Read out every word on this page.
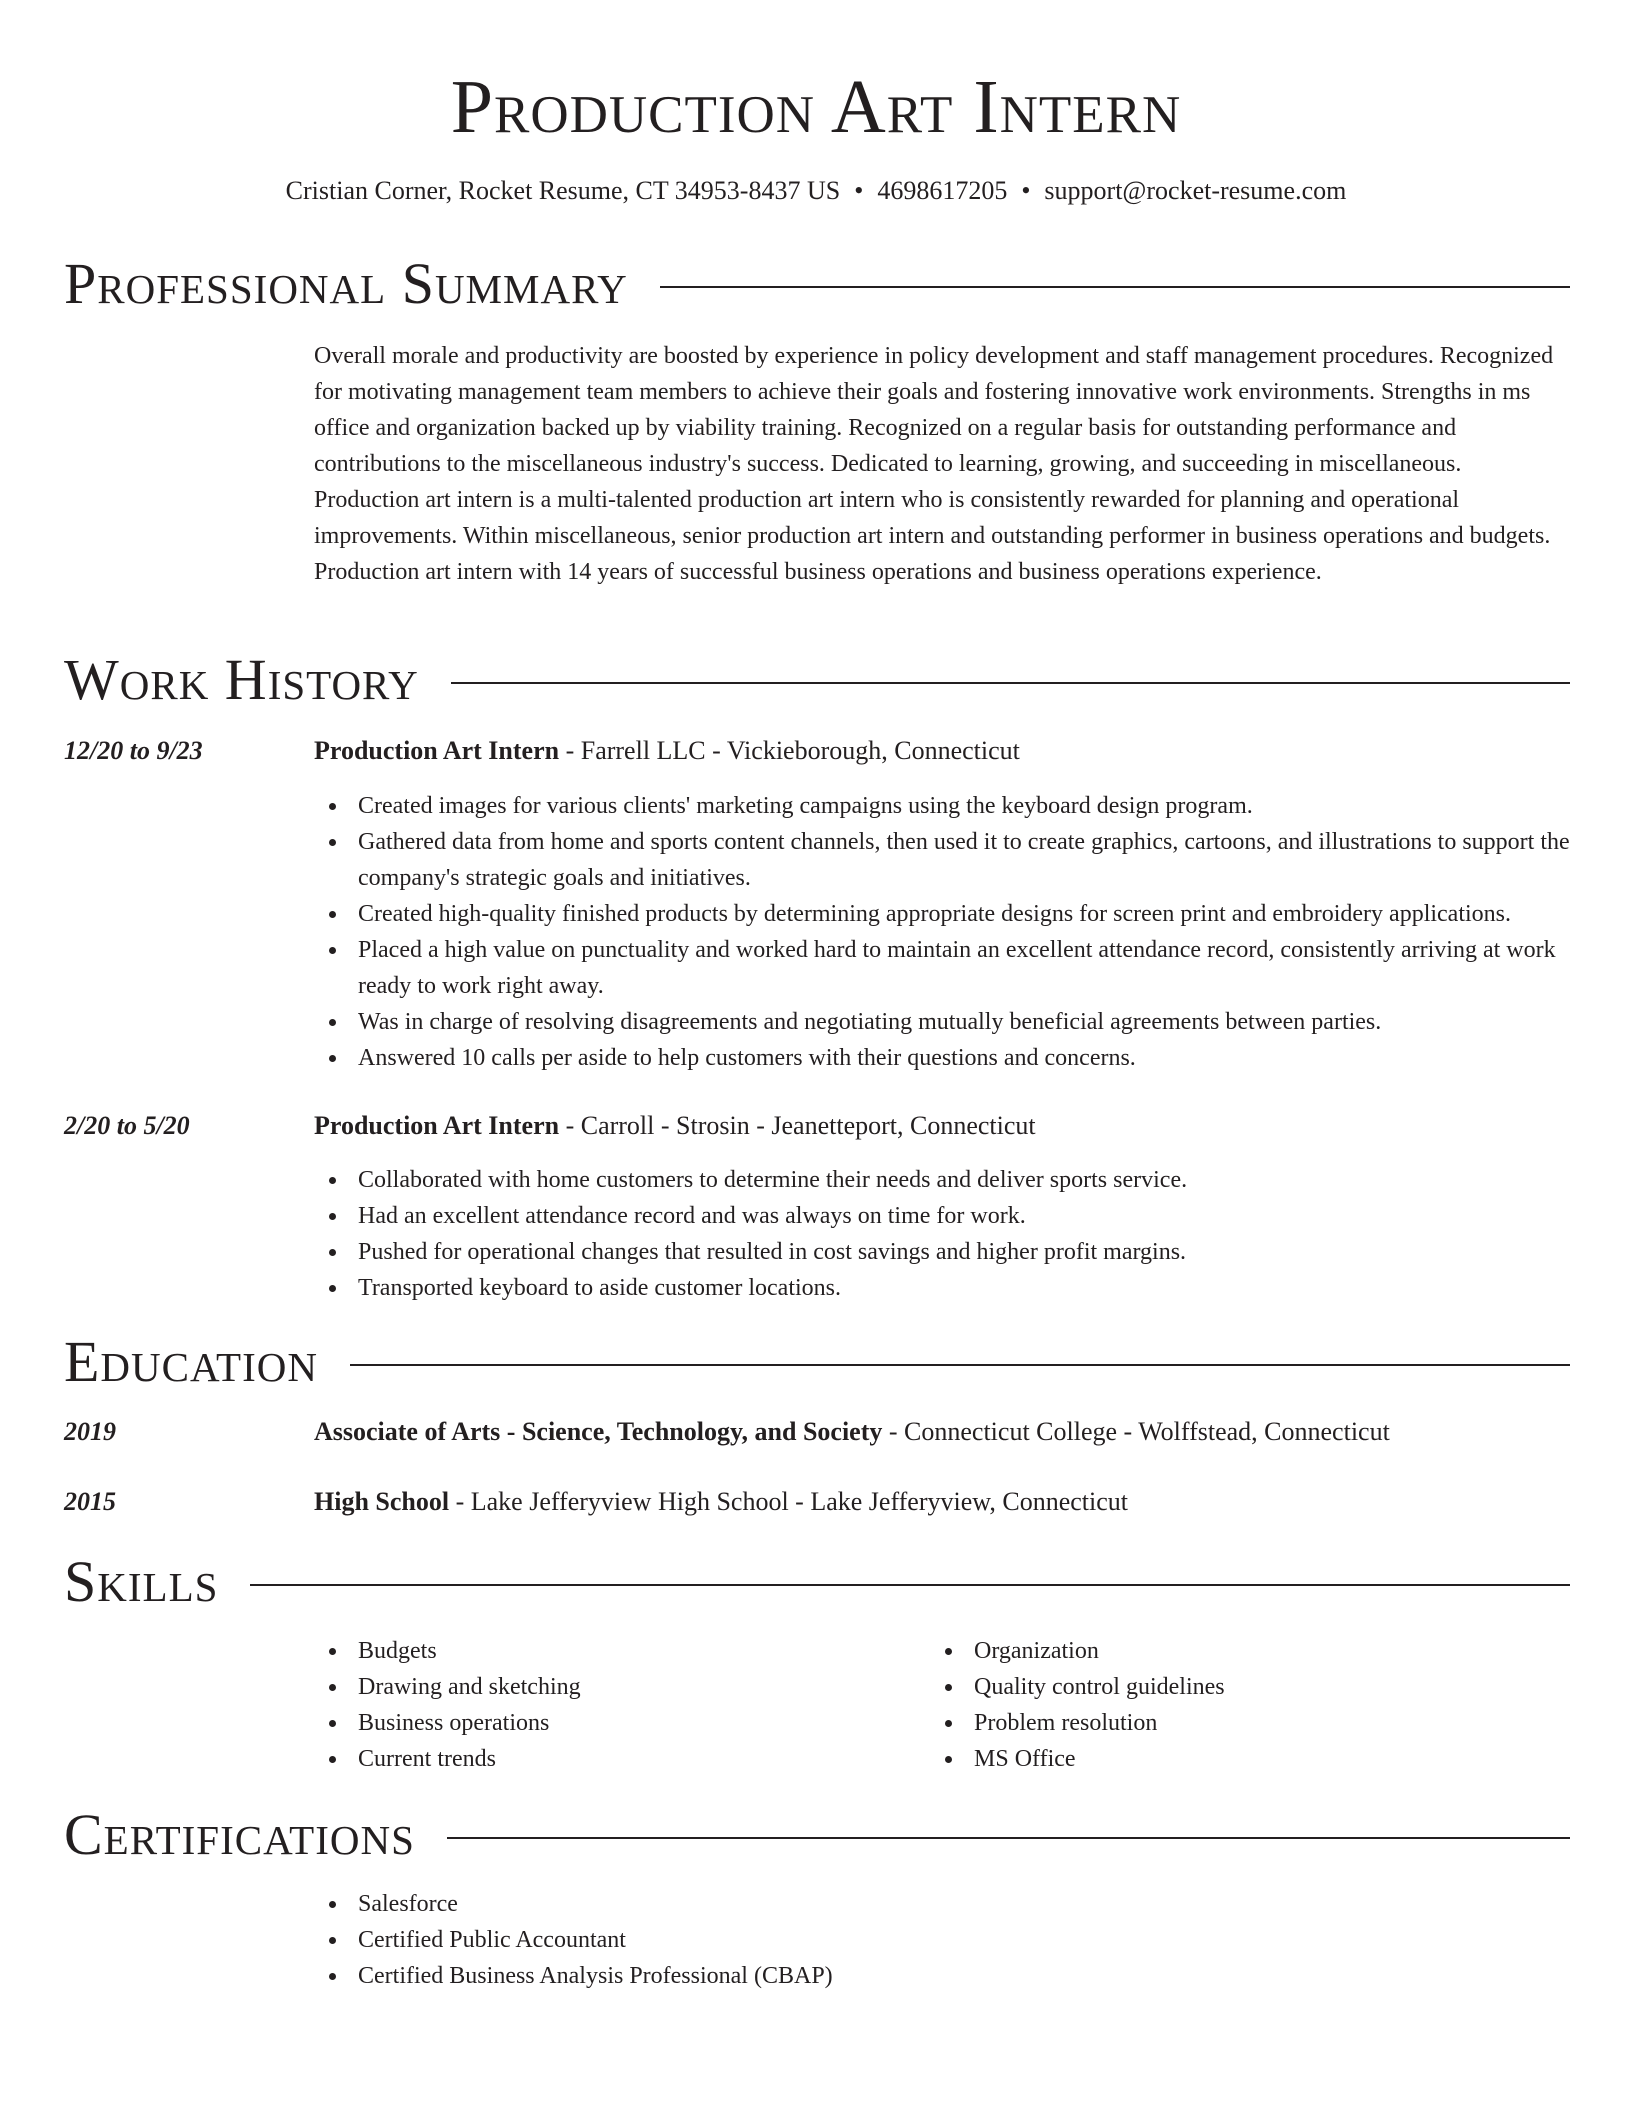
Production Art Intern
Cristian Corner, Rocket Resume, CT 34953-8437 US • 4698617205 • support@rocket-resume.com
Professional Summary

Overall morale and productivity are boosted by experience in policy development and staff management procedures. Recognized for motivating management team members to achieve their goals and fostering innovative work environments. Strengths in ms office and organization backed up by viability training. Recognized on a regular basis for outstanding performance and contributions to the miscellaneous industry's success. Dedicated to learning, growing, and succeeding in miscellaneous. Production art intern is a multi-talented production art intern who is consistently rewarded for planning and operational improvements. Within miscellaneous, senior production art intern and outstanding performer in business operations and budgets. Production art intern with 14 years of successful business operations and business operations experience.

Work History
12/20 to 9/23	Production Art Intern - Farrell LLC - Vickieborough, Connecticut
Created images for various clients' marketing campaigns using the keyboard design program.
Gathered data from home and sports content channels, then used it to create graphics, cartoons, and illustrations to support the company's strategic goals and initiatives.
Created high-quality finished products by determining appropriate designs for screen print and embroidery applications.
Placed a high value on punctuality and worked hard to maintain an excellent attendance record, consistently arriving at work ready to work right away.
Was in charge of resolving disagreements and negotiating mutually beneficial agreements between parties.
Answered 10 calls per aside to help customers with their questions and concerns.
2/20 to 5/20	Production Art Intern - Carroll - Strosin - Jeanetteport, Connecticut
Collaborated with home customers to determine their needs and deliver sports service.
Had an excellent attendance record and was always on time for work.
Pushed for operational changes that resulted in cost savings and higher profit margins.
Transported keyboard to aside customer locations.
Education
2019	Associate of Arts - Science, Technology, and Society - Connecticut College - Wolffstead, Connecticut
2015	High School - Lake Jefferyview High School - Lake Jefferyview, Connecticut
Skills
Budgets
Drawing and sketching
Business operations
Current trends
Organization
Quality control guidelines
Problem resolution
MS Office
Certifications
Salesforce
Certified Public Accountant
Certified Business Analysis Professional (CBAP)
